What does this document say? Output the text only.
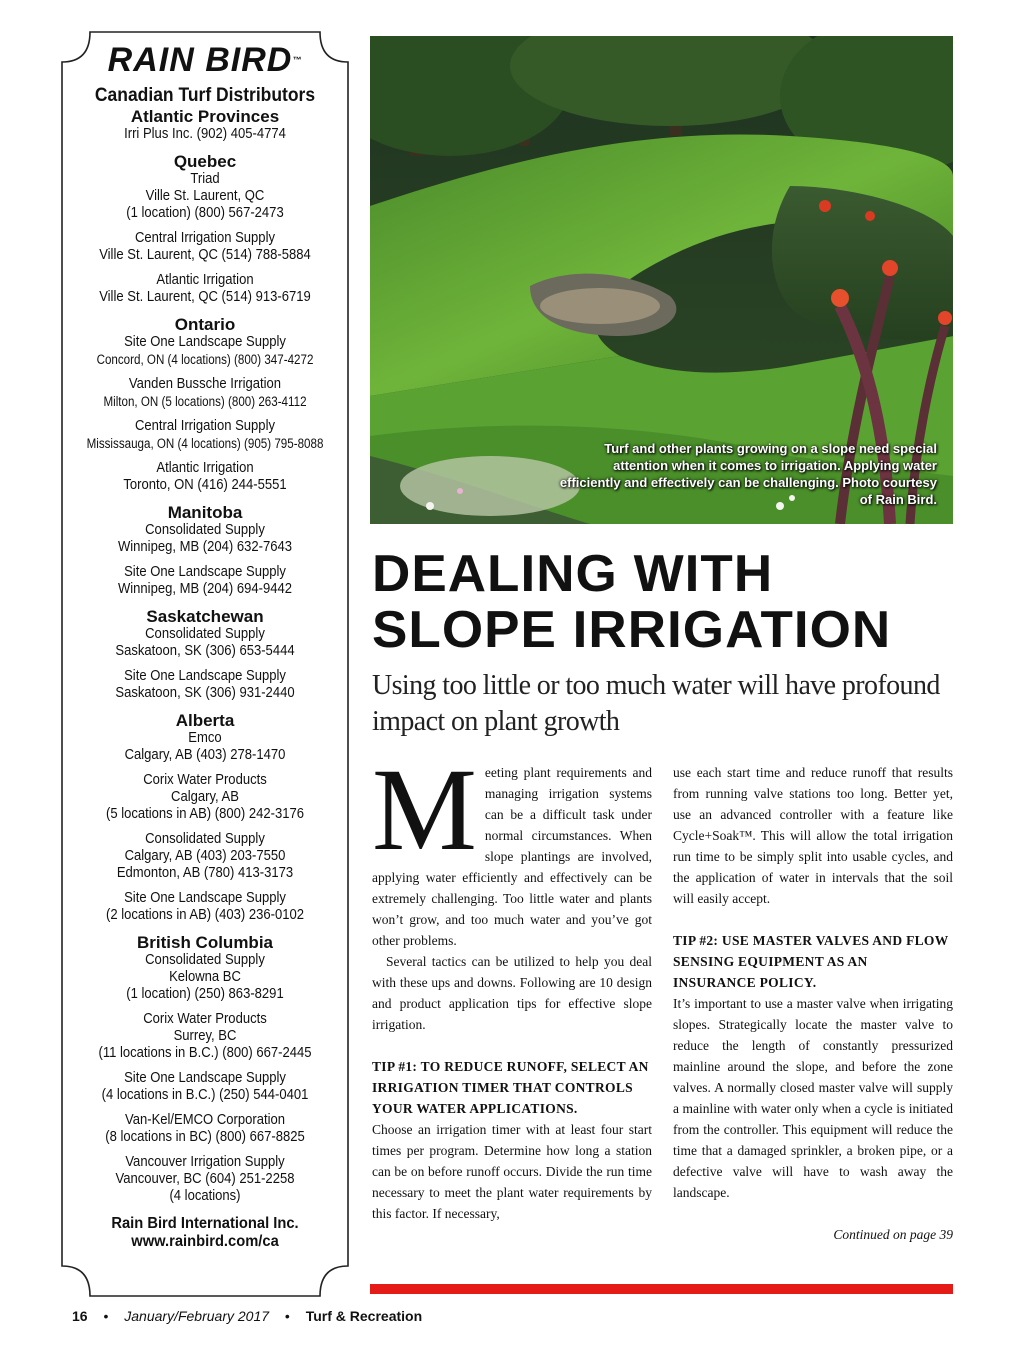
RAIN BIRD™
Canadian Turf Distributors
Atlantic Provinces
Irri Plus Inc. (902) 405-4774
Quebec
Triad
Ville St. Laurent, QC
(1 location) (800) 567-2473
Central Irrigation Supply
Ville St. Laurent, QC (514) 788-5884
Atlantic Irrigation
Ville St. Laurent, QC (514) 913-6719
Ontario
Site One Landscape Supply
Concord, ON (4 locations) (800) 347-4272
Vanden Bussche Irrigation
Milton, ON (5 locations) (800) 263-4112
Central Irrigation Supply
Mississauga, ON (4 locations) (905) 795-8088
Atlantic Irrigation
Toronto, ON (416) 244-5551
Manitoba
Consolidated Supply
Winnipeg, MB (204) 632-7643
Site One Landscape Supply
Winnipeg, MB (204) 694-9442
Saskatchewan
Consolidated Supply
Saskatoon, SK (306) 653-5444
Site One Landscape Supply
Saskatoon, SK (306) 931-2440
Alberta
Emco
Calgary, AB (403) 278-1470
Corix Water Products
Calgary, AB
(5 locations in AB) (800) 242-3176
Consolidated Supply
Calgary, AB (403) 203-7550
Edmonton, AB (780) 413-3173
Site One Landscape Supply
(2 locations in AB) (403) 236-0102
British Columbia
Consolidated Supply
Kelowna BC
(1 location) (250) 863-8291
Corix Water Products
Surrey, BC
(11 locations in B.C.) (800) 667-2445
Site One Landscape Supply
(4 locations in B.C.) (250) 544-0401
Van-Kel/EMCO Corporation
(8 locations in BC) (800) 667-8825
Vancouver Irrigation Supply
Vancouver, BC (604) 251-2258
(4 locations)
Rain Bird International Inc.
www.rainbird.com/ca
Turf and other plants growing on a slope need special attention when it comes to irrigation. Applying water efficiently and effectively can be challenging. Photo courtesy of Rain Bird.
DEALING WITH
SLOPE IRRIGATION
Using too little or too much water will have profound impact on plant growth

Meeting plant requirements and managing irrigation systems can be a difficult task under normal circumstances. When slope plantings are involved, applying water efficiently and effectively can be extremely challenging. Too little water and plants won’t grow, and too much water and you’ve got other problems.

Several tactics can be utilized to help you deal with these ups and downs. Following are 10 design and product application tips for effective slope irrigation.

TIP #1: TO REDUCE RUNOFF, SELECT AN IRRIGATION TIMER THAT CONTROLS YOUR WATER APPLICATIONS.

Choose an irrigation timer with at least four start times per program. Determine how long a station can be on before runoff occurs. Divide the run time necessary to meet the plant water requirements by this factor. If necessary,

use each start time and reduce runoff that results from running valve stations too long. Better yet, use an advanced controller with a feature like Cycle+Soak™. This will allow the total irrigation run time to be simply split into usable cycles, and the application of water in intervals that the soil will easily accept.

TIP #2: USE MASTER VALVES AND FLOW SENSING EQUIPMENT AS AN INSURANCE POLICY.

It’s important to use a master valve when irrigating slopes. Strategically locate the master valve to reduce the length of constantly pressurized mainline around the slope, and before the zone valves. A normally closed master valve will supply a mainline with water only when a cycle is initiated from the controller. This equipment will reduce the time that a damaged sprinkler, a broken pipe, or a defective valve will have to wash away the landscape.

Continued on page 39

16 • January/February 2017 • Turf & Recreation
